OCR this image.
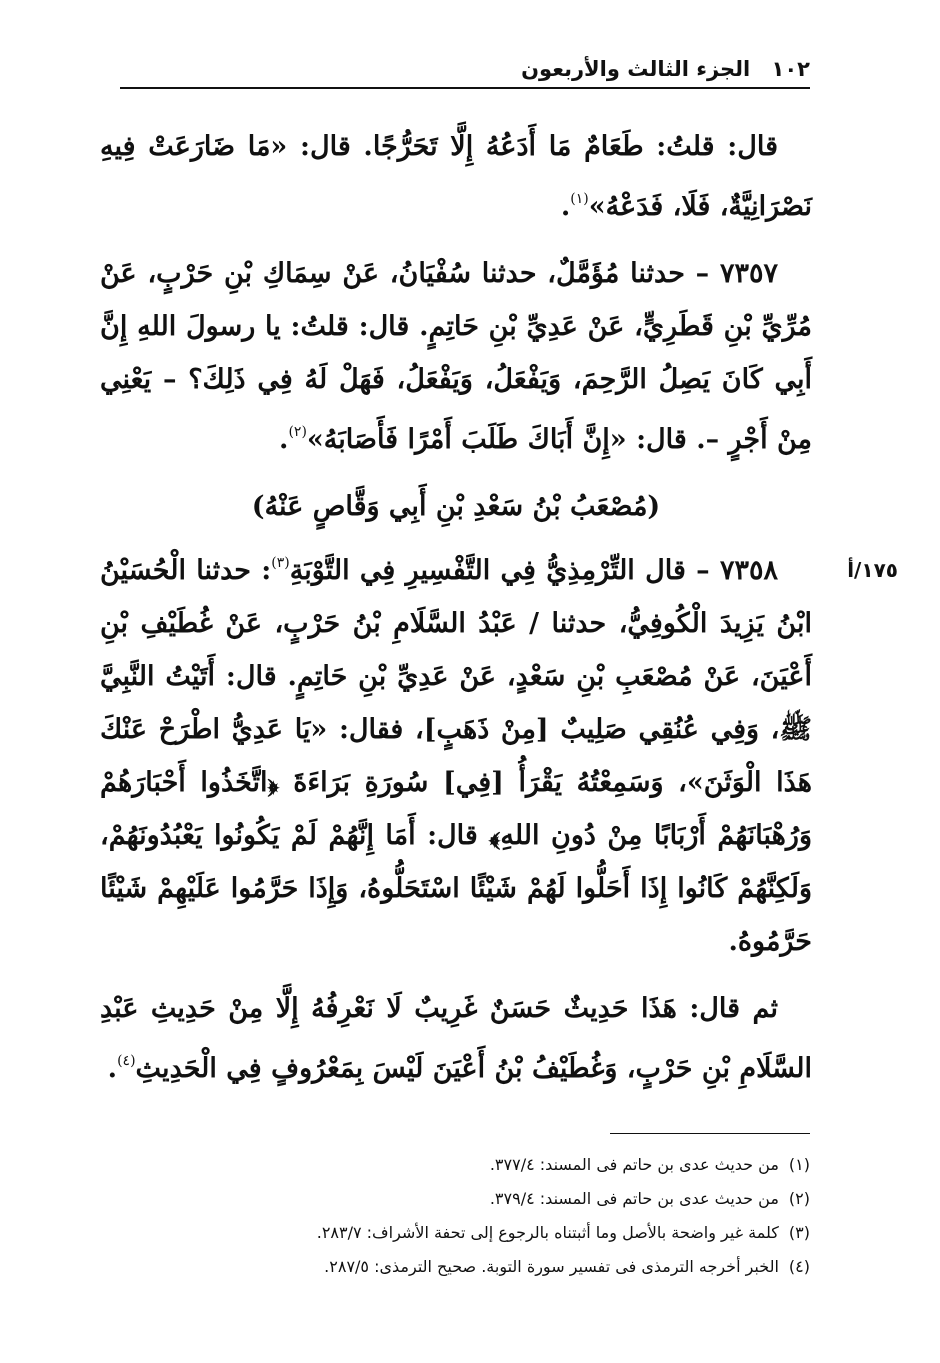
١٠٢ الجزء الثالث والأربعون
١٧٥/أ

قال: قلتُ: طَعَامٌ مَا أَدَعُهُ إِلَّا تَحَرُّجًا. قال: «مَا ضَارَعَتْ فِيهِ نَصْرَانِيَّةٌ، فَلَا، فَدَعْهُ»$^{(١)}$.

٧٣٥٧ – حدثنا مُؤَمَّلٌ، حدثنا سُفْيَانُ، عَنْ سِمَاكِ بْنِ حَرْبٍ، عَنْ مُرِّيِّ بْنِ قَطَرِيٍّ، عَنْ عَدِيِّ بْنِ حَاتِمٍ. قال: قلتُ: يا رسولَ اللهِ إِنَّ أَبِي كَانَ يَصِلُ الرَّحِمَ، وَيَفْعَلُ، وَيَفْعَلُ، فَهَلْ لَهُ فِي ذَلِكَ؟ – يَعْنِي مِنْ أَجْرٍ –. قال: «إِنَّ أَبَاكَ طَلَبَ أَمْرًا فَأَصَابَهُ»$^{(٢)}$.

(مُصْعَبُ بْنُ سَعْدِ بْنِ أَبِي وَقَّاصٍ عَنْهُ)

٧٣٥٨ – قال التِّرْمِذِيُّ فِي التَّفْسِيرِ فِي التَّوْبَةِ$^{(٣)}$: حدثنا الْحُسَيْنُ ابْنُ يَزِيدَ الْكُوفِيُّ، حدثنا / عَبْدُ السَّلَامِ بْنُ حَرْبٍ، عَنْ غُطَيْفِ بْنِ أَعْيَنَ، عَنْ مُصْعَبِ بْنِ سَعْدٍ، عَنْ عَدِيِّ بْنِ حَاتِمٍ. قال: أَتَيْتُ النَّبِيَّ ﷺ، وَفِي عُنُقِي صَلِيبٌ [مِنْ ذَهَبٍ]، فقال: «يَا عَدِيُّ اطْرَحْ عَنْكَ هَذَا الْوَثَنَ»، وَسَمِعْتُهُ يَقْرَأُ [فِي] سُورَةِ بَرَاءَةَ ﴿اتَّخَذُوا أَحْبَارَهُمْ وَرُهْبَانَهُمْ أَرْبَابًا مِنْ دُونِ اللهِ﴾ قال: أَمَا إِنَّهُمْ لَمْ يَكُونُوا يَعْبُدُونَهُمْ، وَلَكِنَّهُمْ كَانُوا إِذَا أَحَلُّوا لَهُمْ شَيْئًا اسْتَحَلُّوهُ، وَإِذَا حَرَّمُوا عَلَيْهِمْ شَيْئًا حَرَّمُوهُ.

ثم قال: هَذَا حَدِيثٌ حَسَنٌ غَرِيبٌ لَا نَعْرِفُهُ إِلَّا مِنْ حَدِيثِ عَبْدِ السَّلَامِ بْنِ حَرْبٍ، وَغُطَيْفُ بْنُ أَعْيَنَ لَيْسَ بِمَعْرُوفٍ فِي الْحَدِيثِ$^{(٤)}$.

(١)من حديث عدى بن حاتم فى المسند: ٣٧٧/٤.
(٢)من حديث عدى بن حاتم فى المسند: ٣٧٩/٤.
(٣)كلمة غير واضحة بالأصل وما أثبتناه بالرجوع إلى تحفة الأشراف: ٢٨٣/٧.
(٤)الخبر أخرجه الترمذى فى تفسير سورة التوبة. صحيح الترمذى: ٢٨٧/٥.
